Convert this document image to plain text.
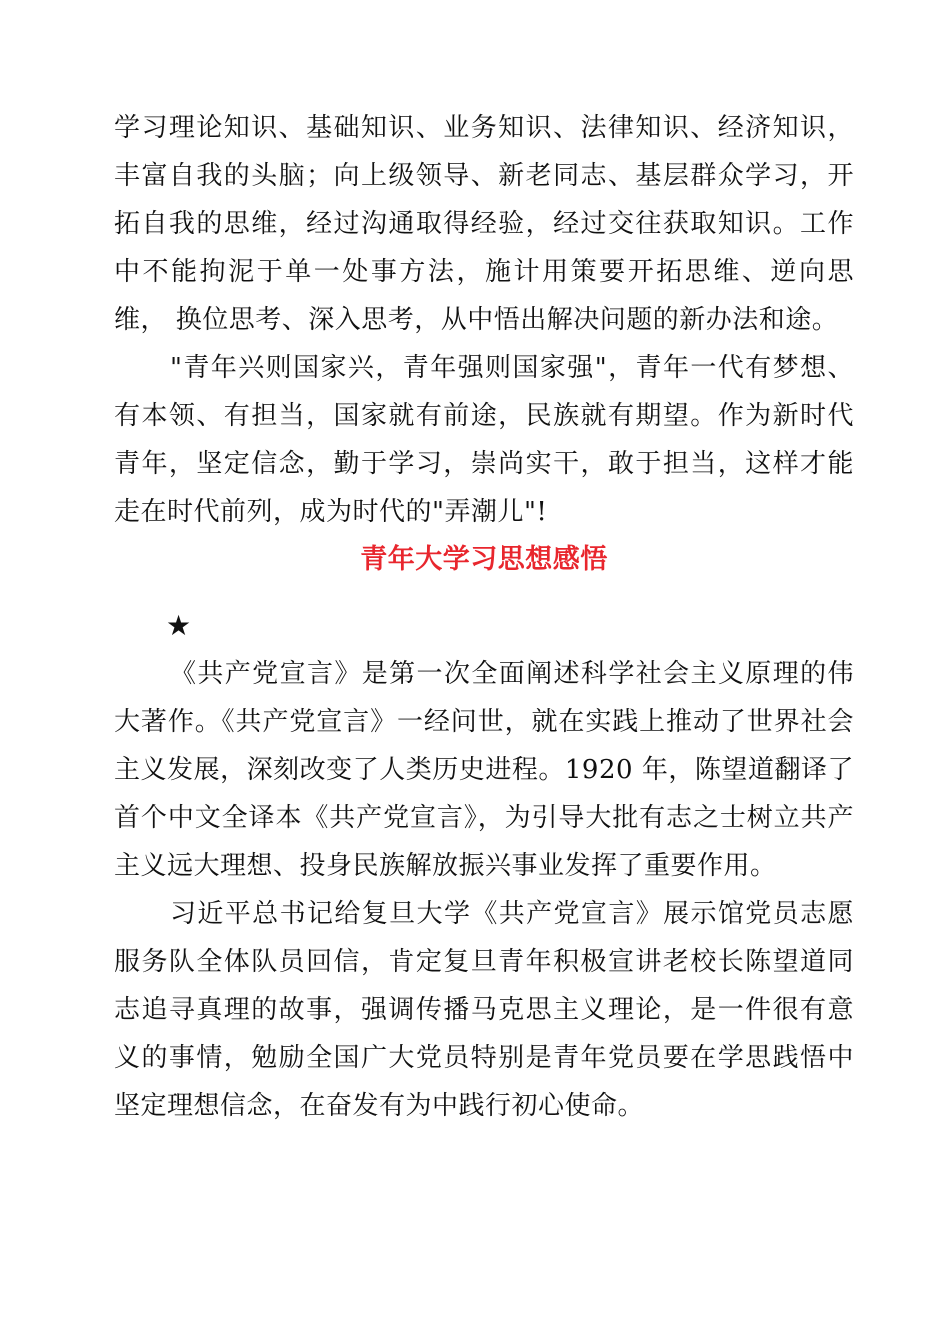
学习理论知识、基础知识、业务知识、法律知识、经济知识，丰富自我的头脑；向上级领导、新老同志、基层群众学习，开拓自我的思维，经过沟通取得经验，经过交往获取知识。工作中不能拘泥于单一处事方法，施计用策要开拓思维、逆向思维， 换位思考、深入思考，从中悟出解决问题的新办法和途。

"青年兴则国家兴，青年强则国家强"，青年一代有梦想、有本领、有担当，国家就有前途，民族就有期望。作为新时代青年，坚定信念，勤于学习，崇尚实干，敢于担当，这样才能走在时代前列，成为时代的"弄潮儿"!

青年大学习思想感悟
★

《共产党宣言》是第一次全面阐述科学社会主义原理的伟大著作。《共产党宣言》一经问世，就在实践上推动了世界社会主义发展，深刻改变了人类历史进程。1920 年，陈望道翻译了首个中文全译本《共产党宣言》，为引导大批有志之士树立共产主义远大理想、投身民族解放振兴事业发挥了重要作用。

习近平总书记给复旦大学《共产党宣言》展示馆党员志愿服务队全体队员回信，肯定复旦青年积极宣讲老校长陈望道同志追寻真理的故事，强调传播马克思主义理论，是一件很有意义的事情，勉励全国广大党员特别是青年党员要在学思践悟中坚定理想信念，在奋发有为中践行初心使命。
